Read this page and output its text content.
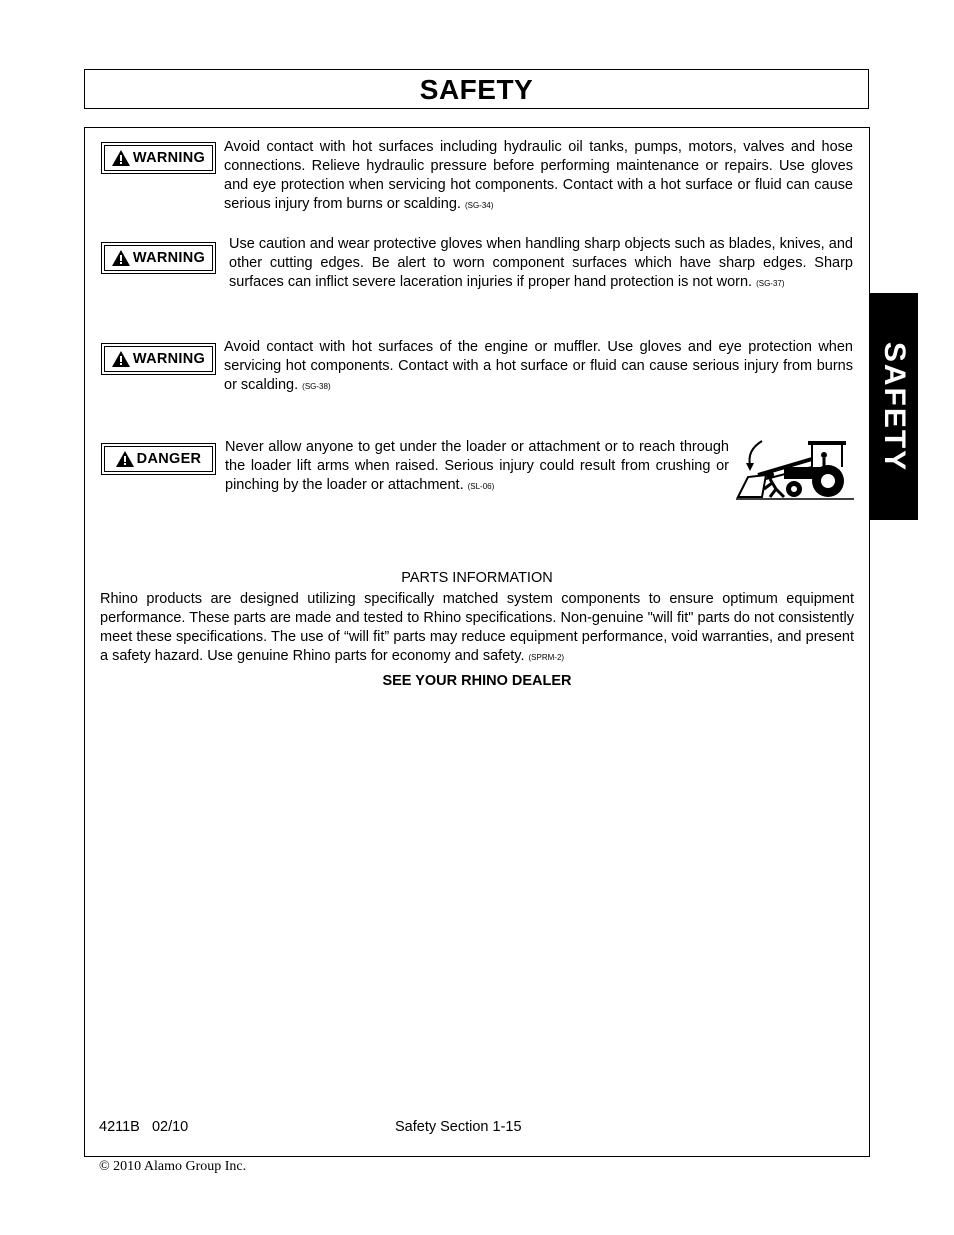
SAFETY
SAFETY
WARNING
Avoid contact with hot surfaces including hydraulic oil tanks, pumps, motors, valves and hose connections. Relieve hydraulic pressure before performing maintenance or repairs. Use gloves and eye protection when servicing hot components. Contact with a hot surface or fluid can cause serious injury from burns or scalding. (SG-34)
WARNING
Use caution and wear protective gloves when handling sharp objects such as blades, knives, and other cutting edges. Be alert to worn component surfaces which have sharp edges. Sharp surfaces can inflict severe laceration injuries if proper hand protection is not worn. (SG-37)
WARNING
Avoid contact with hot surfaces of the engine or muffler. Use gloves and eye protection when servicing hot components. Contact with a hot surface or fluid can cause serious injury from burns or scalding. (SG-38)
DANGER
Never allow anyone to get under the loader or attachment or to reach through the loader lift arms when raised. Serious injury could result from crushing or pinching by the loader or attachment. (SL-06)
PARTS INFORMATION
Rhino products are designed utilizing specifically matched system components to ensure optimum equipment performance. These parts are made and tested to Rhino specifications. Non-genuine "will fit" parts do not consistently meet these specifications. The use of “will fit” parts may reduce equipment performance, void warranties, and present a safety hazard. Use genuine Rhino parts for economy and safety. (SPRM-2)
SEE YOUR RHINO DEALER
4211B   02/10	Safety Section 1-15
© 2010 Alamo Group Inc.
